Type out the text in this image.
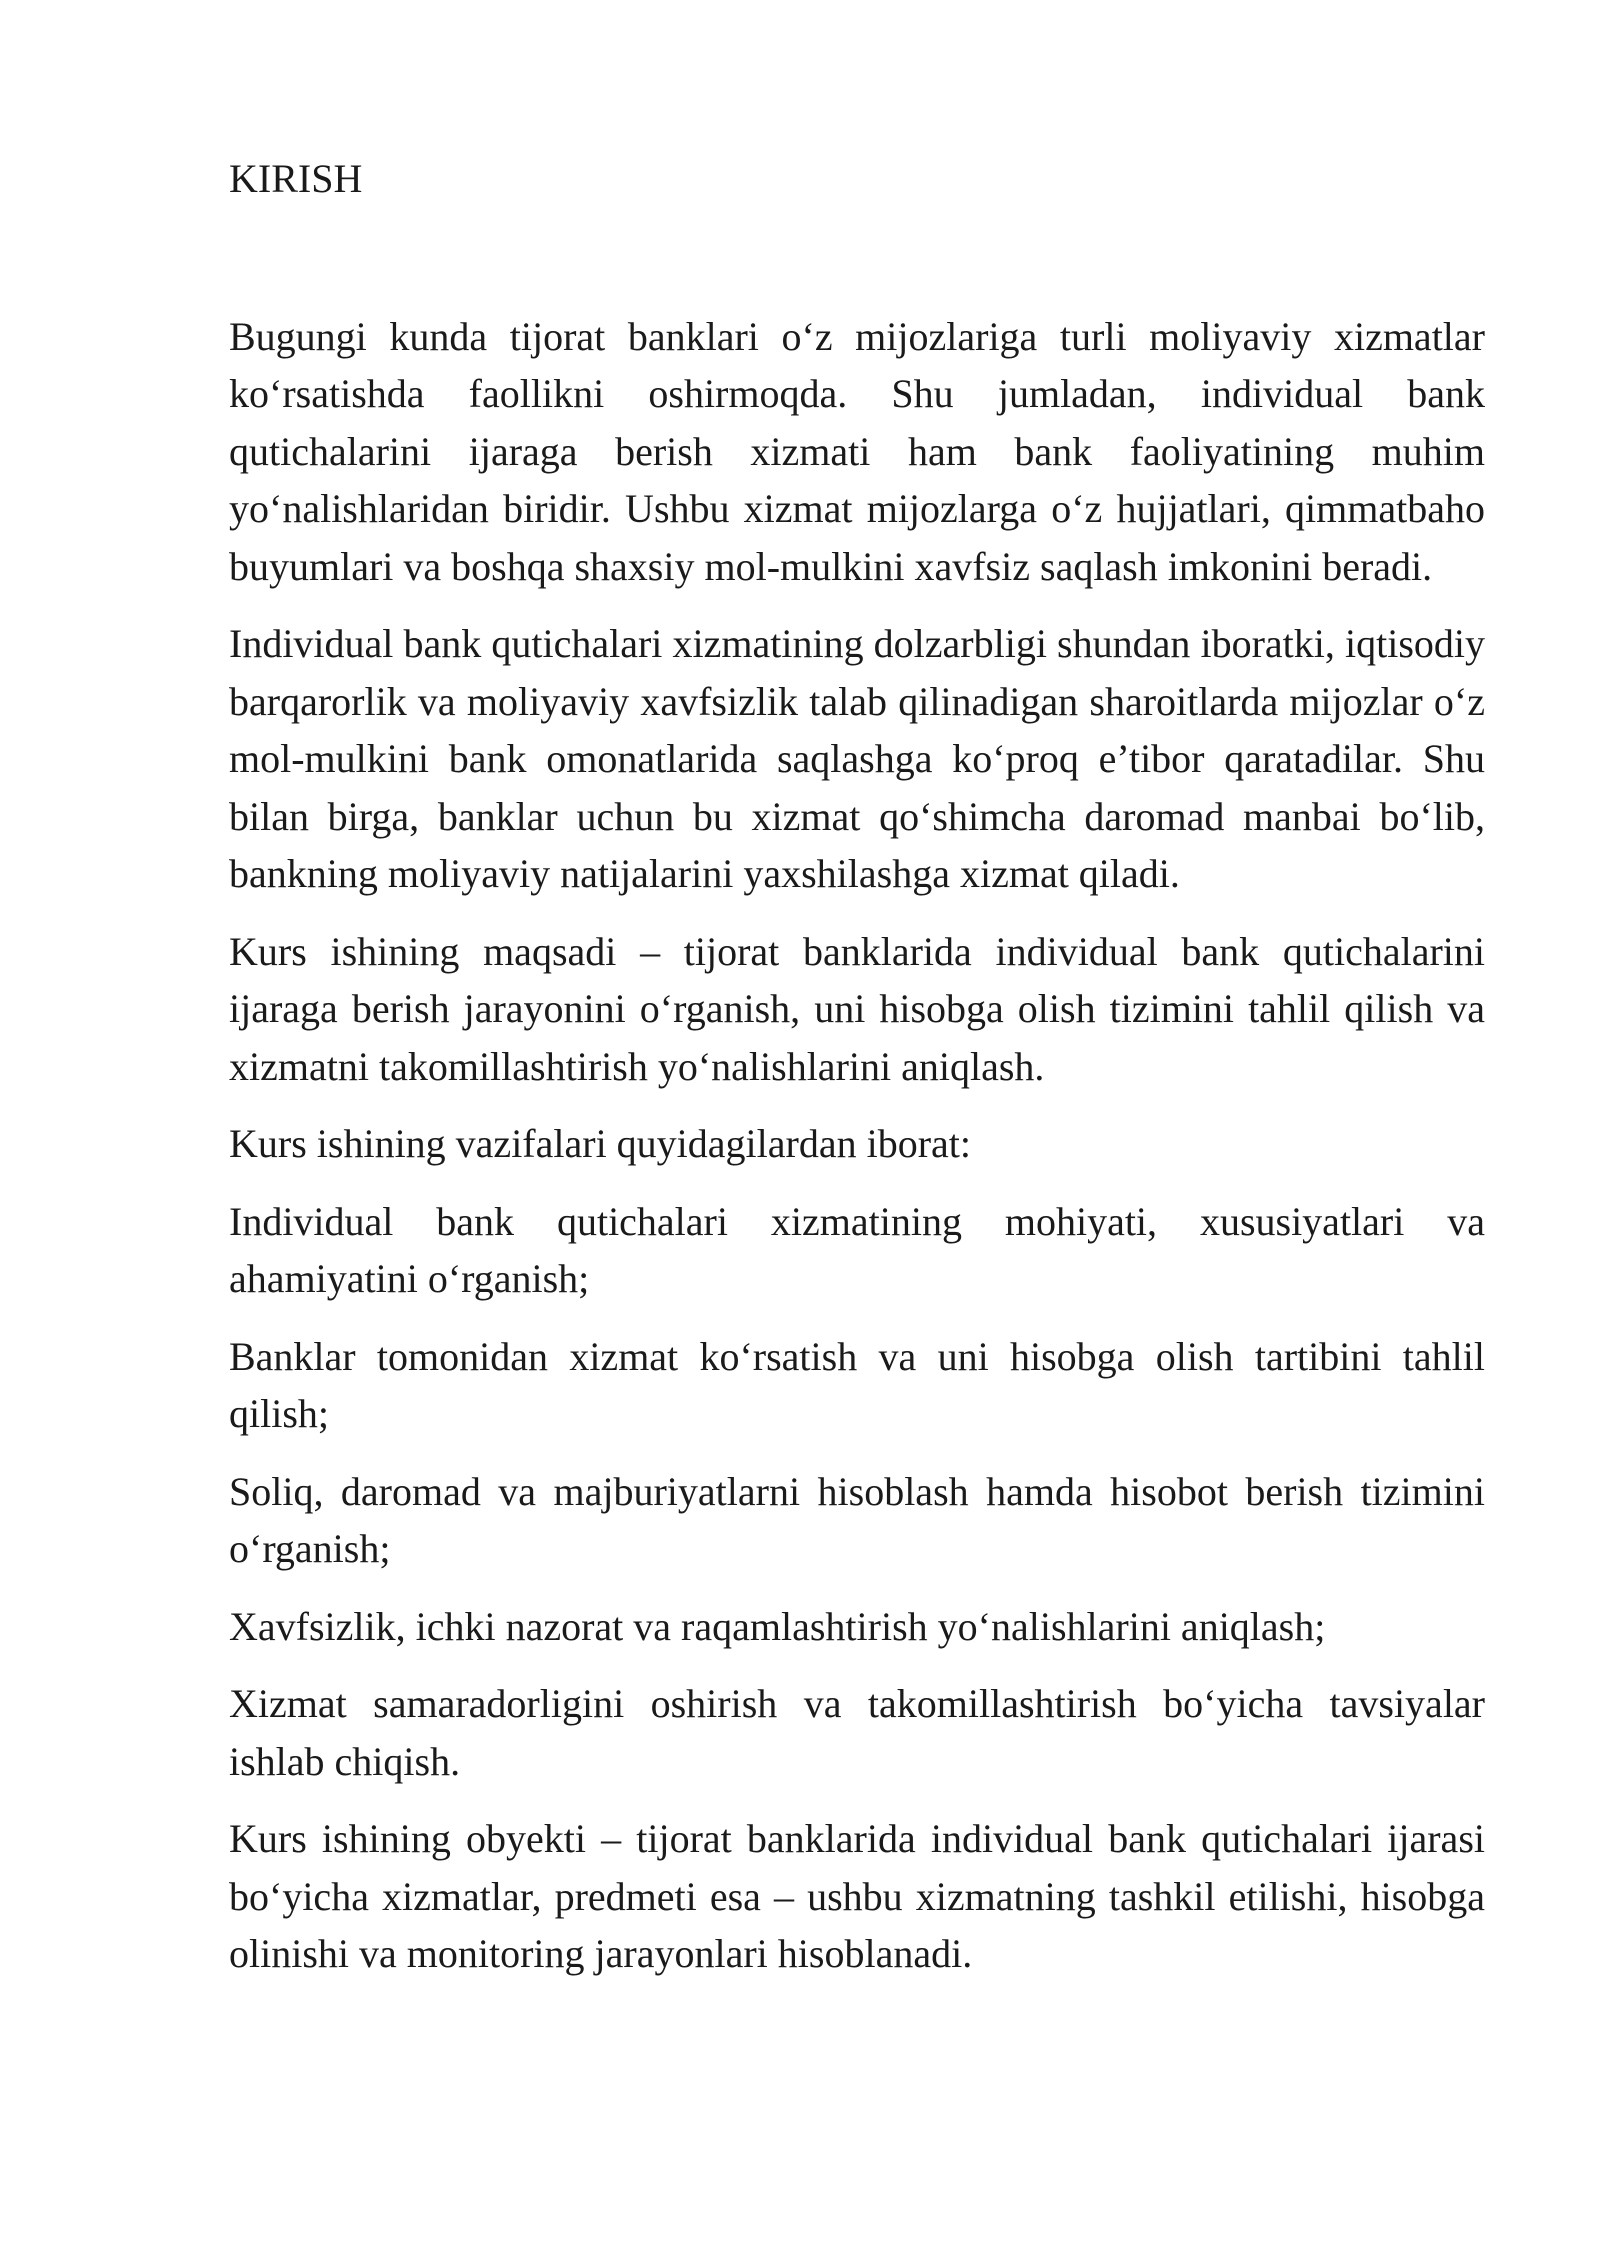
KIRISH

Bugungi kunda tijorat banklari o‘z mijozlariga turli moliyaviy xizmatlar ko‘rsatishda faollikni oshirmoqda. Shu jumladan, individual bank qutichalarini ijaraga berish xizmati ham bank faoliyatining muhim yo‘nalishlaridan biridir. Ushbu xizmat mijozlarga o‘z hujjatlari, qimmatbaho buyumlari va boshqa shaxsiy mol-mulkini xavfsiz saqlash imkonini beradi.

Individual bank qutichalari xizmatining dolzarbligi shundan iboratki, iqtisodiy barqarorlik va moliyaviy xavfsizlik talab qilinadigan sharoitlarda mijozlar o‘z mol-mulkini bank omonatlarida saqlashga ko‘proq e’tibor qaratadilar. Shu bilan birga, banklar uchun bu xizmat qo‘shimcha daromad manbai bo‘lib, bankning moliyaviy natijalarini yaxshilashga xizmat qiladi.

Kurs ishining maqsadi – tijorat banklarida individual bank qutichalarini ijaraga berish jarayonini o‘rganish, uni hisobga olish tizimini tahlil qilish va xizmatni takomillashtirish yo‘nalishlarini aniqlash.

Kurs ishining vazifalari quyidagilardan iborat:

Individual bank qutichalari xizmatining mohiyati, xususiyatlari va ahamiyatini o‘rganish;

Banklar tomonidan xizmat ko‘rsatish va uni hisobga olish tartibini tahlil qilish;

Soliq, daromad va majburiyatlarni hisoblash hamda hisobot berish tizimini o‘rganish;

Xavfsizlik, ichki nazorat va raqamlashtirish yo‘nalishlarini aniqlash;

Xizmat samaradorligini oshirish va takomillashtirish bo‘yicha tavsiyalar ishlab chiqish.

Kurs ishining obyekti – tijorat banklarida individual bank qutichalari ijarasi bo‘yicha xizmatlar, predmeti esa – ushbu xizmatning tashkil etilishi, hisobga olinishi va monitoring jarayonlari hisoblanadi.
